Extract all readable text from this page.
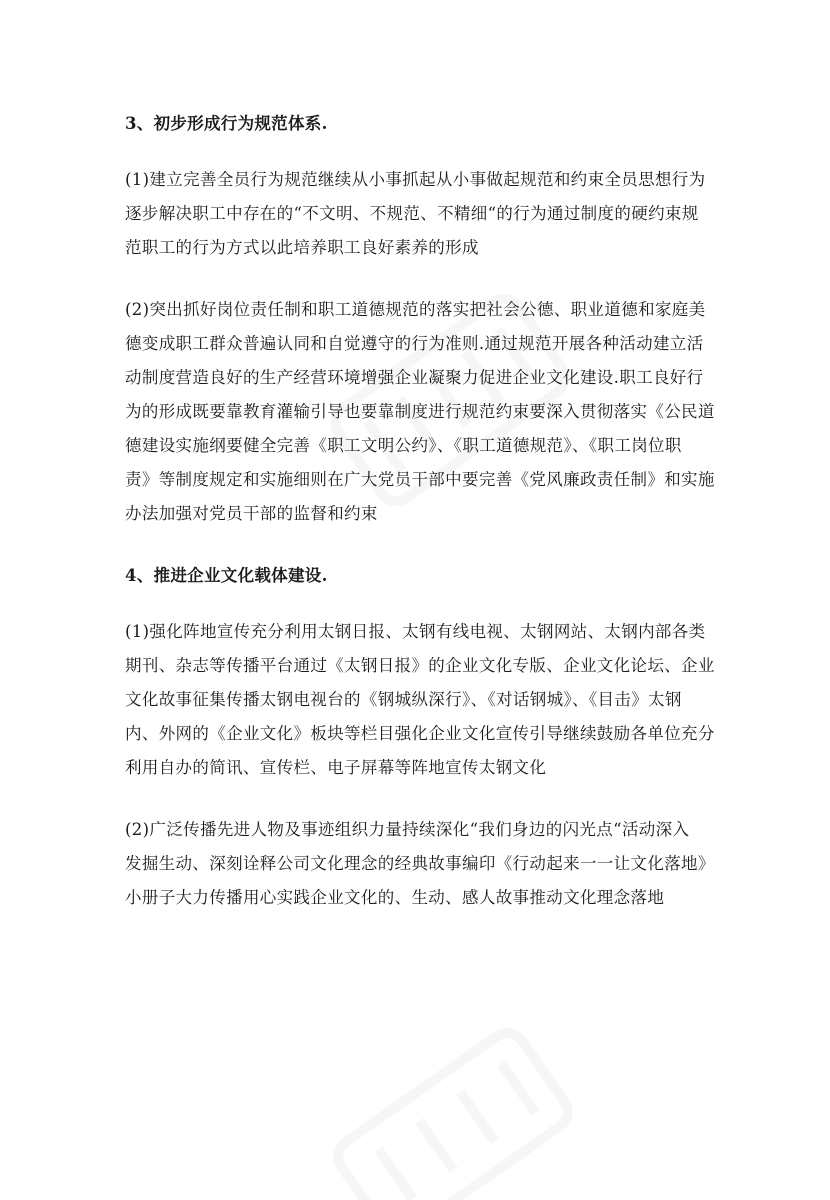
3、初步形成行为规范体系.
(1)建立完善全员行为规范继续从小事抓起从小事做起规范和约束全员思想行为
逐步解决职工中存在的“不文明、不规范、不精细“的行为通过制度的硬约束规
范职工的行为方式以此培养职工良好素养的形成
(2)突出抓好岗位责任制和职工道德规范的落实把社会公德、职业道德和家庭美
德变成职工群众普遍认同和自觉遵守的行为准则.通过规范开展各种活动建立活
动制度营造良好的生产经营环境增强企业凝聚力促进企业文化建设.职工良好行
为的形成既要靠教育灌输引导也要靠制度进行规范约束要深入贯彻落实《公民道
德建设实施纲要健全完善《职工文明公约》、《职工道德规范》、《职工岗位职
责》等制度规定和实施细则在广大党员干部中要完善《党风廉政责任制》和实施
办法加强对党员干部的监督和约束
4、推进企业文化载体建设.
(1)强化阵地宣传充分利用太钢日报、太钢有线电视、太钢网站、太钢内部各类
期刊、杂志等传播平台通过《太钢日报》的企业文化专版、企业文化论坛、企业
文化故事征集传播太钢电视台的《钢城纵深行》、《对话钢城》、《目击》太钢
内、外网的《企业文化》板块等栏目强化企业文化宣传引导继续鼓励各单位充分
利用自办的简讯、宣传栏、电子屏幕等阵地宣传太钢文化
(2)广泛传播先进人物及事迹组织力量持续深化“我们身边的闪光点“活动深入
发掘生动、深刻诠释公司文化理念的经典故事编印《行动起来一一让文化落地》
小册子大力传播用心实践企业文化的、生动、感人故事推动文化理念落地
